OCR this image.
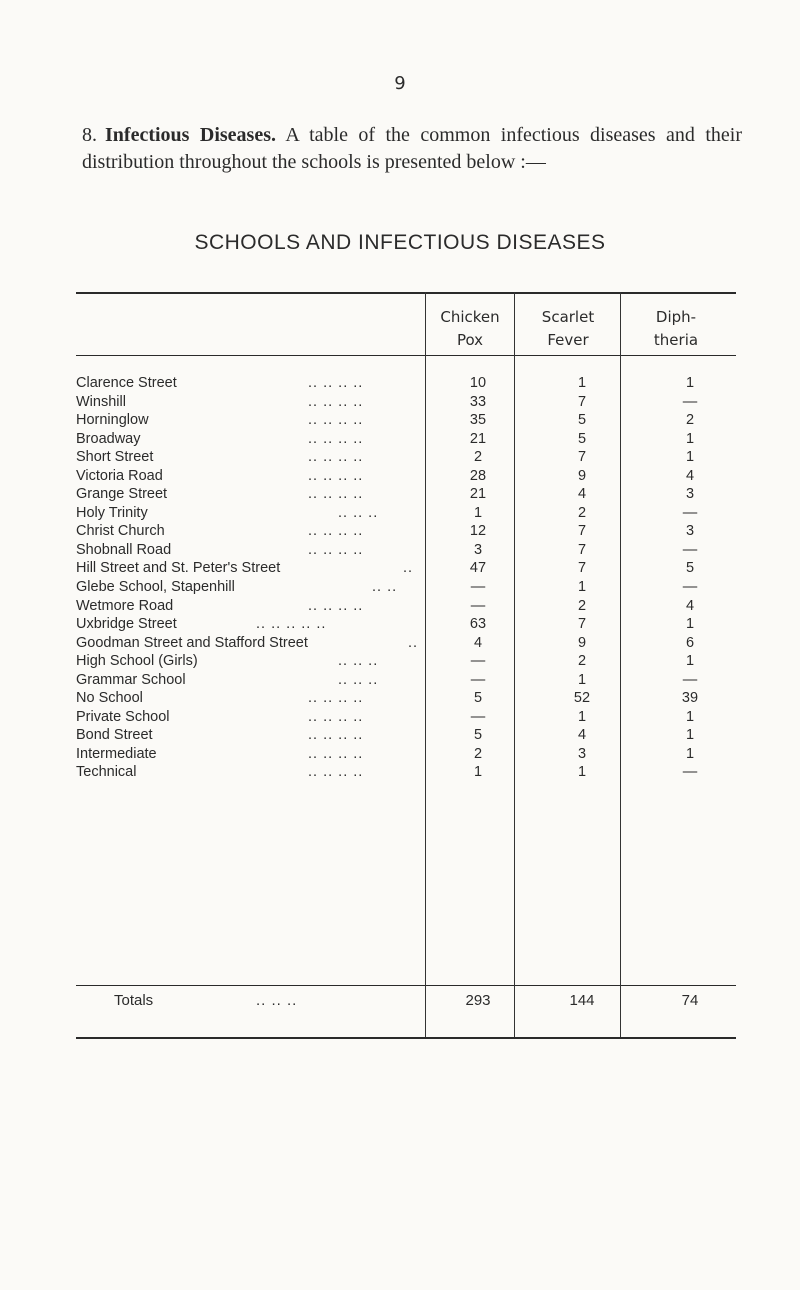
9
8. Infectious Diseases. A table of the common infectious diseases and their distribution throughout the schools is presented below :—
SCHOOLS AND INFECTIOUS DISEASES
Chicken
Pox
Scarlet
Fever
Diph-
theria
Clarence Street	.. .. .. ..	10	1	1
Winshill	.. .. .. ..	33	7	—
Horninglow	.. .. .. ..	35	5	2
Broadway	.. .. .. ..	21	5	1
Short Street	.. .. .. ..	2	7	1
Victoria Road	.. .. .. ..	28	9	4
Grange Street	.. .. .. ..	21	4	3
Holy Trinity	.. .. ..	1	2	—
Christ Church	.. .. .. ..	12	7	3
Shobnall Road	.. .. .. ..	3	7	—
Hill Street and St. Peter's Street	..	47	7	5
Glebe School, Stapenhill	.. ..	—	1	—
Wetmore Road	.. .. .. ..	—	2	4
Uxbridge Street	.. .. .. .. ..	63	7	1
Goodman Street and Stafford Street	..	4	9	6
High School (Girls)	.. .. ..	—	2	1
Grammar School	.. .. ..	—	1	—
No School	.. .. .. ..	5	52	39
Private School	.. .. .. ..	—	1	1
Bond Street	.. .. .. ..	5	4	1
Intermediate	.. .. .. ..	2	3	1
Technical	.. .. .. ..	1	1	—
Totals	.. .. ..	293	144	74
